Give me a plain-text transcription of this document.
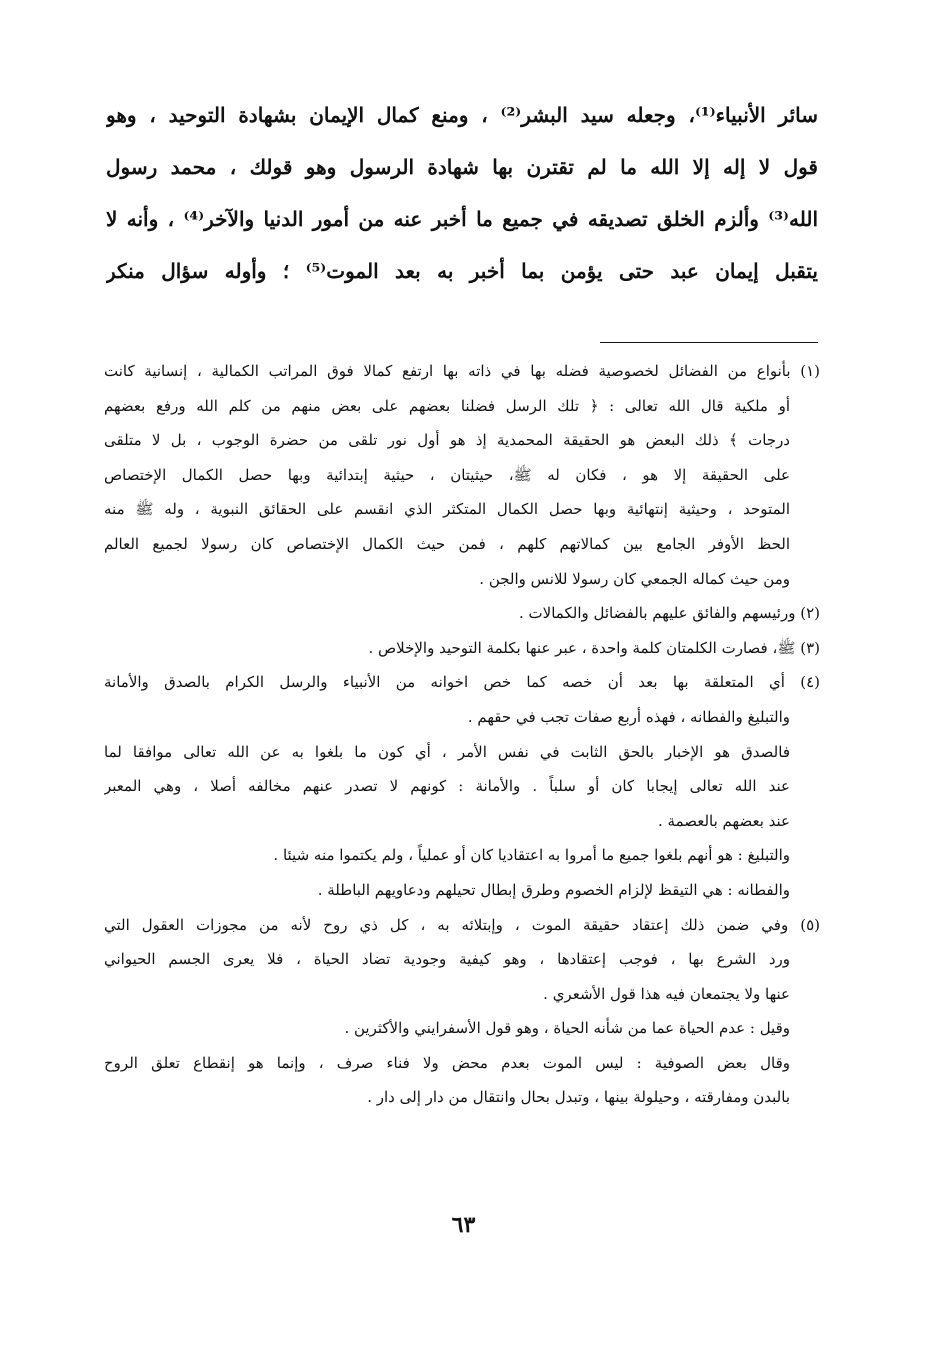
سائر الأنبياء⁽¹⁾، وجعله سيد البشر⁽²⁾ ، ومنع كمال الإيمان بشهادة التوحيد ، وهو
قول لا إله إلا الله ما لم تقترن بها شهادة الرسول وهو قولك ، محمد رسول
الله⁽³⁾ وألزم الخلق تصديقه في جميع ما أخبر عنه من أمور الدنيا والآخر⁽⁴⁾ ، وأنه لا
يتقبل إيمان عبد حتى يؤمن بما أخبر به بعد الموت⁽⁵⁾ ؛ وأوله سؤال منكر
(١) بأنواع من الفضائل لخصوصية فضله بها في ذاته بها ارتفع كمالا فوق المراتب الكمالية ، إنسانية كانت
أو ملكية قال الله تعالى : ﴿ تلك الرسل فضلنا بعضهم على بعض منهم من كلم الله ورفع بعضهم
درجات ﴾ ذلك البعض هو الحقيقة المحمدية إذ هو أول نور تلقى من حضرة الوجوب ، بل لا متلقى
على الحقيقة إلا هو ، فكان له ﷺ، حيثيتان ، حيثية إبتدائية وبها حصل الكمال الإختصاص
المتوحد ، وحيثية إنتهائية وبها حصل الكمال المتكثر الذي انقسم على الحقائق النبوية ، وله ﷺ منه
الحظ الأوفر الجامع بين كمالاتهم كلهم ، فمن حيث الكمال الإختصاص كان رسولا لجميع العالم
ومن حيث كماله الجمعي كان رسولا للانس والجن .
(٢) ورئيسهم والفائق عليهم بالفضائل والكمالات .
(٣) ﷺ، فصارت الكلمتان كلمة واحدة ، عبر عنها بكلمة التوحيد والإخلاص .
(٤) أي المتعلقة بها بعد أن خصه كما خص اخوانه من الأنبياء والرسل الكرام بالصدق والأمانة
والتبليغ والفطانه ، فهذه أربع صفات تجب في حقهم .
فالصدق هو الإخبار بالحق الثابت في نفس الأمر ، أي كون ما بلغوا به عن الله تعالى موافقا لما
عند الله تعالى إيجابا كان أو سلباً . والأمانة : كونهم لا تصدر عنهم مخالفه أصلا ، وهي المعبر
عند بعضهم بالعصمة .
والتبليغ : هو أنهم بلغوا جميع ما أمروا به اعتقاديا كان أو عملياً ، ولم يكتموا منه شيئا .
والفطانه : هي التيقظ لإلزام الخصوم وطرق إبطال تحيلهم ودعاويهم الباطلة .
(٥) وفي ضمن ذلك إعتقاد حقيقة الموت ، وإبتلائه به ، كل ذي روح لأنه من مجوزات العقول التي
ورد الشرع بها ، فوجب إعتقادها ، وهو كيفية وجودية تضاد الحياة ، فلا يعرى الجسم الحيواني
عنها ولا يجتمعان فيه هذا قول الأشعري .
وقيل : عدم الحياة عما من شأنه الحياة ، وهو قول الأسفرايني والأكثرين .
وقال بعض الصوفية : ليس الموت بعدم محض ولا فناء صرف ، وإنما هو إنقطاع تعلق الروح
بالبدن ومفارقته ، وحيلولة بينها ، وتبدل بحال وانتقال من دار إلى دار .
٦٣
